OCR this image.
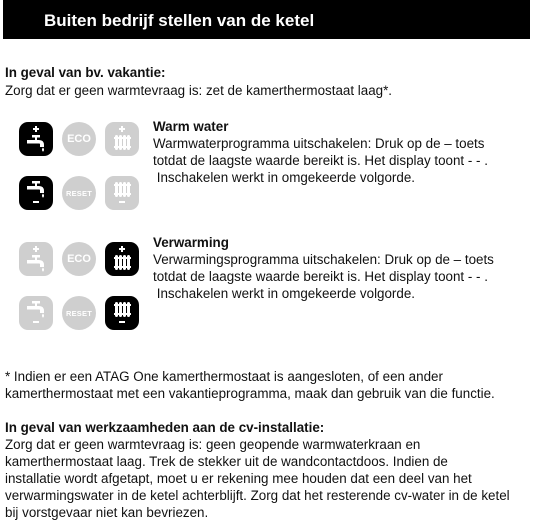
Buiten bedrijf stellen van de ketel

In geval van bv. vakantie:

Zorg dat er geen warmtevraag is: zet de kamerthermostaat laag*.

ECO
RESET

Warm water

Warmwaterprogramma uitschakelen: Druk op de – toets

totdat de laagste waarde bereikt is. Het display toont - - .

Inschakelen werkt in omgekeerde volgorde.

ECO
RESET

Verwarming

Verwarmingsprogramma uitschakelen: Druk op de – toets

totdat de laagste waarde bereikt is. Het display toont - - .

Inschakelen werkt in omgekeerde volgorde.

* Indien er een ATAG One kamerthermostaat is aangesloten, of een ander

kamerthermostaat met een vakantieprogramma, maak dan gebruik van die functie.

In geval van werkzaamheden aan de cv-installatie:

Zorg dat er geen warmtevraag is: geen geopende warmwaterkraan en

kamerthermostaat laag. Trek de stekker uit de wandcontactdoos. Indien de

installatie wordt afgetapt, moet u er rekening mee houden dat een deel van het

verwarmingswater in de ketel achterblijft. Zorg dat het resterende cv-water in de ketel

bij vorstgevaar niet kan bevriezen.
